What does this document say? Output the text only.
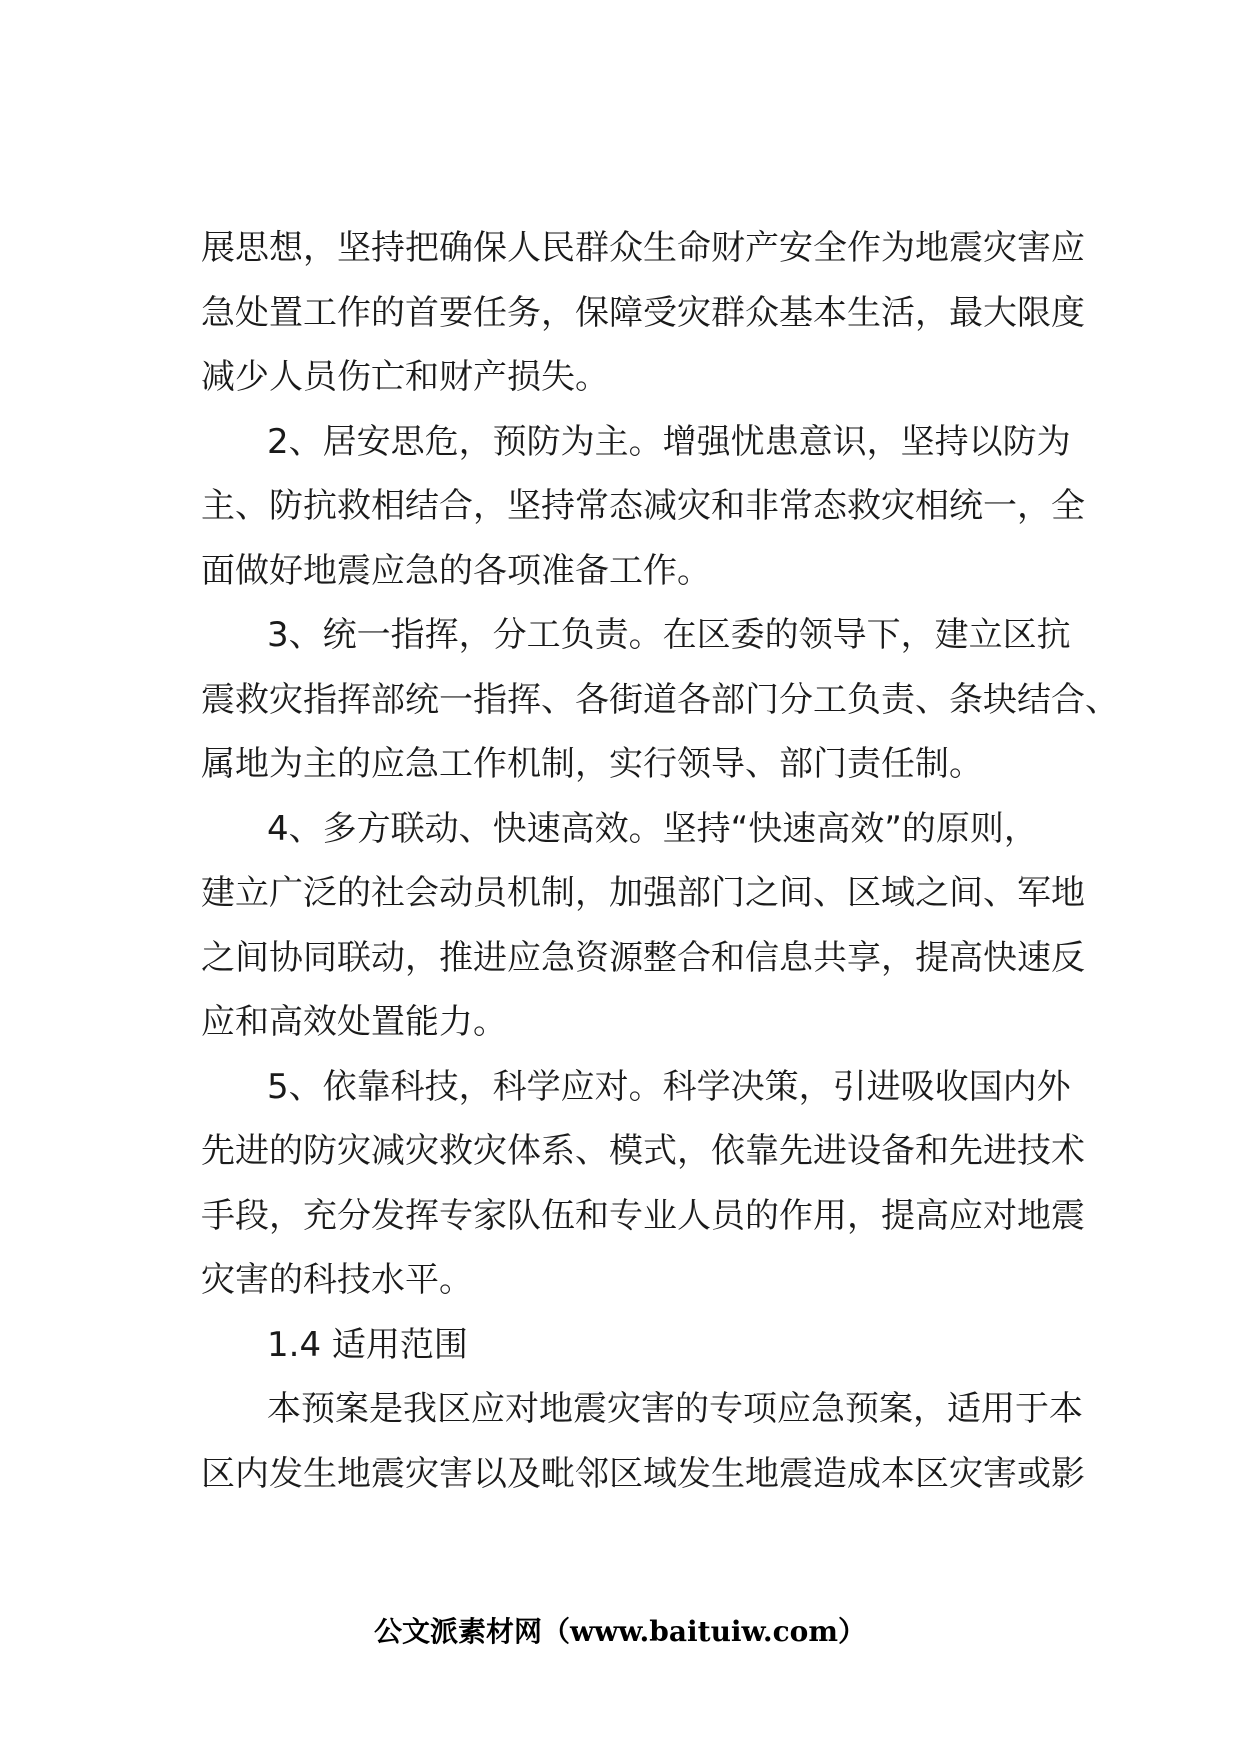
展思想，坚持把确保人民群众生命财产安全作为地震灾害应
急处置工作的首要任务，保障受灾群众基本生活，最大限度
减少人员伤亡和财产损失。
2、居安思危，预防为主。增强忧患意识，坚持以防为
主、防抗救相结合，坚持常态减灾和非常态救灾相统一，全
面做好地震应急的各项准备工作。
3、统一指挥，分工负责。在区委的领导下，建立区抗
震救灾指挥部统一指挥、各街道各部门分工负责、条块结合、
属地为主的应急工作机制，实行领导、部门责任制。
4、多方联动、快速高效。坚持“快速高效”的原则，
建立广泛的社会动员机制，加强部门之间、区域之间、军地
之间协同联动，推进应急资源整合和信息共享，提高快速反
应和高效处置能力。
5、依靠科技，科学应对。科学决策，引进吸收国内外
先进的防灾减灾救灾体系、模式，依靠先进设备和先进技术
手段，充分发挥专家队伍和专业人员的作用，提高应对地震
灾害的科技水平。
1.4 适用范围
本预案是我区应对地震灾害的专项应急预案，适用于本
区内发生地震灾害以及毗邻区域发生地震造成本区灾害或影
公文派素材网（www.baituiw.com）
